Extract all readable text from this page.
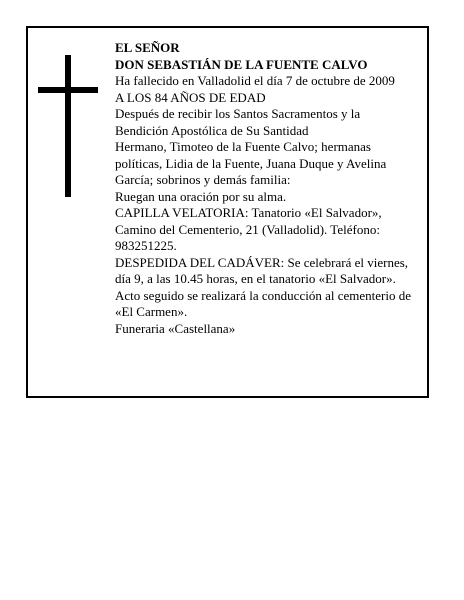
EL SEÑOR

DON SEBASTIÁN DE LA FUENTE CALVO

Ha fallecido en Valladolid el día 7 de octubre de 2009

A LOS 84 AÑOS DE EDAD

Después de recibir los Santos Sacramentos y la Bendición Apostólica de Su Santidad

Hermano, Timoteo de la Fuente Calvo; hermanas políticas, Lidia de la Fuente, Juana Duque y Avelina García; sobrinos y demás familia:

Ruegan una oración por su alma.

CAPILLA VELATORIA: Tanatorio «El Salvador», Camino del Cementerio, 21 (Valladolid). Teléfono: 983251225.

DESPEDIDA DEL CADÁVER: Se celebrará el viernes, día 9, a las 10.45 horas, en el tanatorio «El Salvador». Acto seguido se realizará la conducción al cementerio de «El Carmen».

Funeraria «Castellana»
